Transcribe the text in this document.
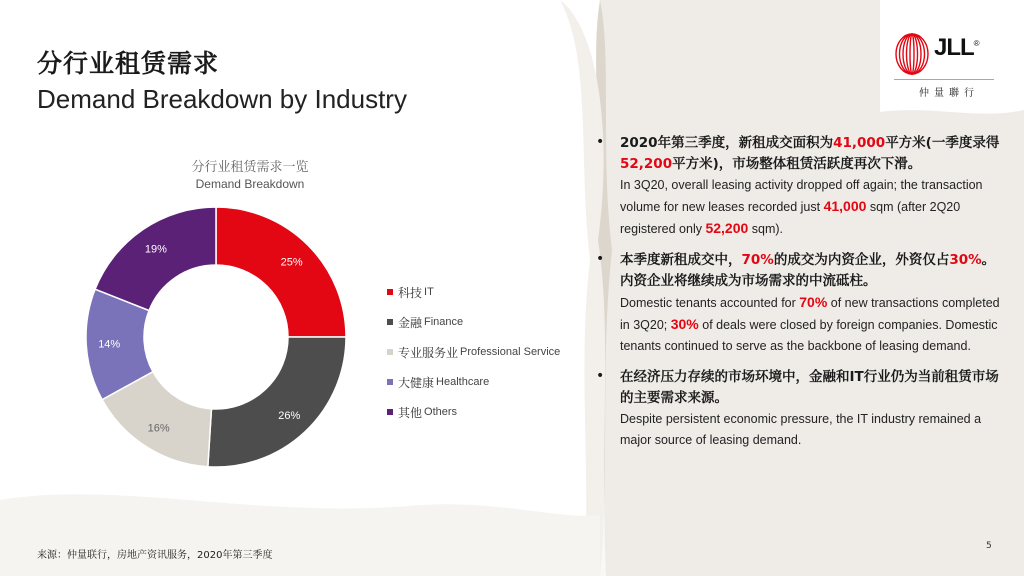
分行业租赁需求
Demand Breakdown by Industry
JLL®
仲量聯行
分行业租赁需求一览
Demand Breakdown
25%
26%
16%
14%
19%
科技 IT
金融 Finance
专业服务业 Professional Service
大健康 Healthcare
其他 Others
• 2020年第三季度，新租成交面积为41,000平方米(一季度录得52,200平方米)，市场整体租赁活跃度再次下滑。
In 3Q20, overall leasing activity dropped off again; the transaction volume for new leases recorded just 41,000 sqm (after 2Q20 registered only 52,200 sqm).
• 本季度新租成交中，70%的成交为内资企业，外资仅占30%。内资企业将继续成为市场需求的中流砥柱。
Domestic tenants accounted for 70% of new transactions completed in 3Q20; 30% of deals were closed by foreign companies. Domestic tenants continued to serve as the backbone of leasing demand.
• 在经济压力存续的市场环境中，金融和IT行业仍为当前租赁市场的主要需求来源。
Despite persistent economic pressure, the IT industry remained a major source of leasing demand.
来源：仲量联行，房地产资讯服务，2020年第三季度
5
